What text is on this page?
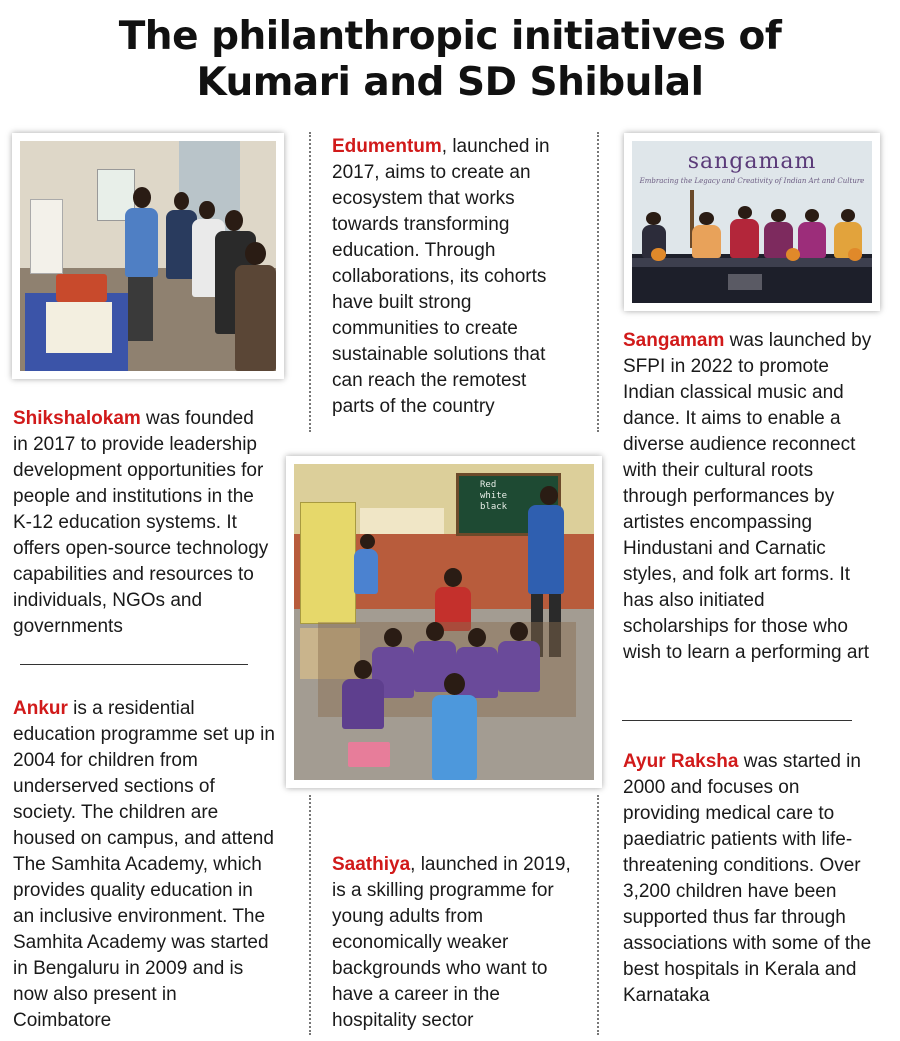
The philanthropic initiatives of
Kumari and SD Shibulal
sangamam
Embracing the Legacy and Creativity of Indian Art and Culture
Red
white
black

Shikshalokam was founded in 2017 to provide leadership development opportunities for people and institutions in the K-12 education systems. It offers open-source technology capabilities and resources to individuals, NGOs and governments

Ankur is a residential education programme set up in 2004 for children from underserved sections of society. The children are housed on campus, and attend The Samhita Academy, which provides quality education in an inclusive environment. The Samhita Academy was started in Bengaluru in 2009 and is now also present in Coimbatore

Edumentum, launched in 2017, aims to create an ecosystem that works towards transforming education. Through collaborations, its cohorts have built strong communities to create sustainable solutions that can reach the remotest parts of the country

Saathiya, launched in 2019, is a skilling programme for young adults from economically weaker backgrounds who want to have a career in the hospitality sector

Sangamam was launched by SFPI in 2022 to promote Indian classical music and dance. It aims to enable a diverse audience reconnect with their cultural roots through performances by artistes encompassing Hindustani and Carnatic styles, and folk art forms. It has also initiated scholarships for those who wish to learn a performing art

Ayur Raksha was started in 2000 and focuses on providing medical care to paediatric patients with life-threatening conditions. Over 3,200 children have been supported thus far through associations with some of the best hospitals in Kerala and Karnataka
